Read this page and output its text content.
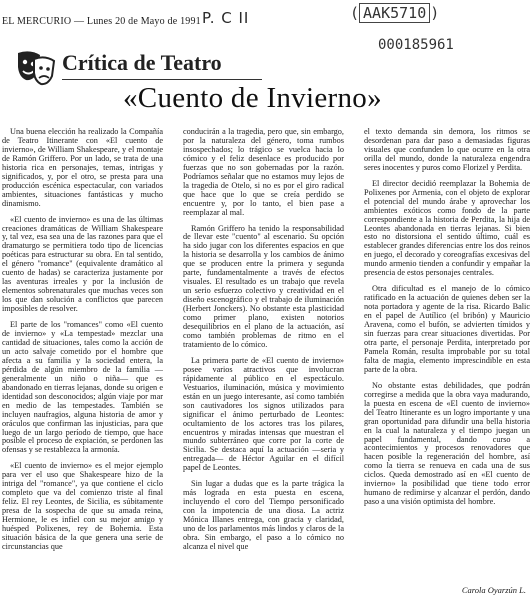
EL MERCURIO — Lunes 20 de Mayo de 1991 P. C II	( AAK5710 )
000185961
Crítica de Teatro
«Cuento de Invierno»

Una buena elección ha realizado la Compañía de Teatro Itinerante con «El cuento de invierno», de William Shakespeare, y el montaje de Ramón Griffero. Por un lado, se trata de una historia rica en personajes, temas, intrigas y significados, y, por el otro, se presta para una producción escénica espectacular, con variados ambientes, situaciones fantásticas y mucho dinamismo.

«El cuento de invierno» es una de las últimas creaciones dramáticas de William Shakespeare y, tal vez, esa sea una de las razones para que el dramaturgo se permitiera todo tipo de licencias poéticas para estructurar su obra. En tal sentido, el género "romance" (equivalente dramático al cuento de hadas) se caracteriza justamente por las aventuras irreales y por la inclusión de elementos sobrenaturales que muchas veces son los que dan solución a conflictos que parecen imposibles de resolver.

El parte de los "romances" como «El cuento de invierno» y «La tempestad» mezclar una cantidad de situaciones, tales como la acción de un acto salvaje cometido por el hombre que afecta a su familia y la sociedad entera, la pérdida de algún miembro de la familia —generalmente un niño o niña— que es abandonado en tierras lejanas, donde su origen e identidad son desconocidos; algún viaje por mar en medio de las tempestades. También se incluyen naufragios, alguna historia de amor y oráculos que confirman las injusticias, para que luego de un largo período de tiempo, que hace posible el proceso de expiación, se perdonen las ofensas y se restablezca la armonía.

«El cuento de invierno» es el mejor ejemplo para ver el uso que Shakespeare hizo de la intriga del "romance", ya que contiene el ciclo completo que va del comienzo triste al final feliz. El rey Leontes, de Sicilia, es súbitamente presa de la sospecha de que su amada reina, Hermione, le es infiel con su mejor amigo y huésped Polixenes, rey de Bohemia. Esta situación básica de la que genera una serie de circunstancias que

conducirán a la tragedia, pero que, sin embargo, por la naturaleza del género, toma rumbos insospechados; lo trágico se vuelca hacia lo cómico y el feliz desenlace es producido por fuerzas que no son gobernadas por la razón. Podríamos señalar que no estamos muy lejos de la tragedia de Otelo, si no es por el giro radical que hace que lo que se creía perdido se encuentre y, por lo tanto, el bien pase a reemplazar al mal.

Ramón Griffero ha tenido la responsabilidad de llevar este "cuento" al escenario. Su opción ha sido jugar con los diferentes espacios en que la historia se desarrolla y los cambios de ánimo que se producen entre la primera y segunda parte, fundamentalmente a través de efectos visuales. El resultado es un trabajo que revela un serio esfuerzo colectivo y creatividad en el diseño escenográfico y el trabajo de iluminación (Herbert Jonckers). No obstante esta plasticidad como primer plano, existen notorios desequilibrios en el plano de la actuación, así como también problemas de ritmo en el tratamiento de lo cómico.

La primera parte de «El cuento de invierno» posee varios atractivos que involucran rápidamente al público en el espectáculo. Vestuarios, iluminación, música y movimiento están en un juego interesante, así como también son cautivadores los signos utilizados para significar el ánimo perturbado de Leontes: ocultamiento de los actores tras los pilares, encuentros y miradas intensas que muestran el mundo subterráneo que corre por la corte de Sicilia. Se destaca aquí la actuación —seria y entregada— de Héctor Aguilar en el difícil papel de Leontes.

Sin lugar a dudas que es la parte trágica la más lograda en esta puesta en escena, incluyendo el coro del Tiempo personificado con la impotencia de una diosa. La actriz Mónica Illanes entrega, con gracia y claridad, uno de los parlamentos más lindos y claros de la obra. Sin embargo, el paso a lo cómico no alcanza el nivel que

el texto demanda sin demora, los ritmos se desordenan para dar paso a demasiadas figuras visuales que confunden lo que ocurre en la otra orilla del mundo, donde la naturaleza engendra seres inocentes y puros como Florizel y Perdita.

El director decidió reemplazar la Bohemia de Polixenes por Armenia, con el objeto de explorar el potencial del mundo árabe y aprovechar los ambientes exóticos como fondo de la parte correspondiente a la historia de Perdita, la hija de Leontes abandonada en tierras lejanas. Si bien esto no distorsiona el sentido último, cuál es establecer grandes diferencias entre los dos reinos en juego, el decorado y coreografías excesivas del mundo armenio tienden a confundir y empañar la presencia de estos personajes centrales.

Otra dificultad es el manejo de lo cómico ratificado en la actuación de quienes deben ser la nota portadora y agente de la risa. Ricardo Balic en el papel de Autílico (el bribón) y Mauricio Aravena, como el bufón, se advierten tímidos y sin fuerzas para crear situaciones divertidas. Por otra parte, el personaje Perdita, interpretado por Pamela Román, resulta improbable por su total falta de magia, elemento imprescindible en esta parte de la obra.

No obstante estas debilidades, que podrán corregirse a medida que la obra vaya madurando, la puesta en escena de «El cuento de invierno» del Teatro Itinerante es un logro importante y una gran oportunidad para difundir una bella historia en la cual la naturaleza y el tiempo juegan un papel fundamental, dando curso a acontecimientos y procesos renovadores que hacen posible la regeneración del hombre, así como la tierra se renueva en cada una de sus ciclos. Queda demostrado así en «El cuento de invierno» la posibilidad que tiene todo error humano de redimirse y alcanzar el perdón, dando paso a una visión optimista del hombre.

Carola Oyarzún L.
